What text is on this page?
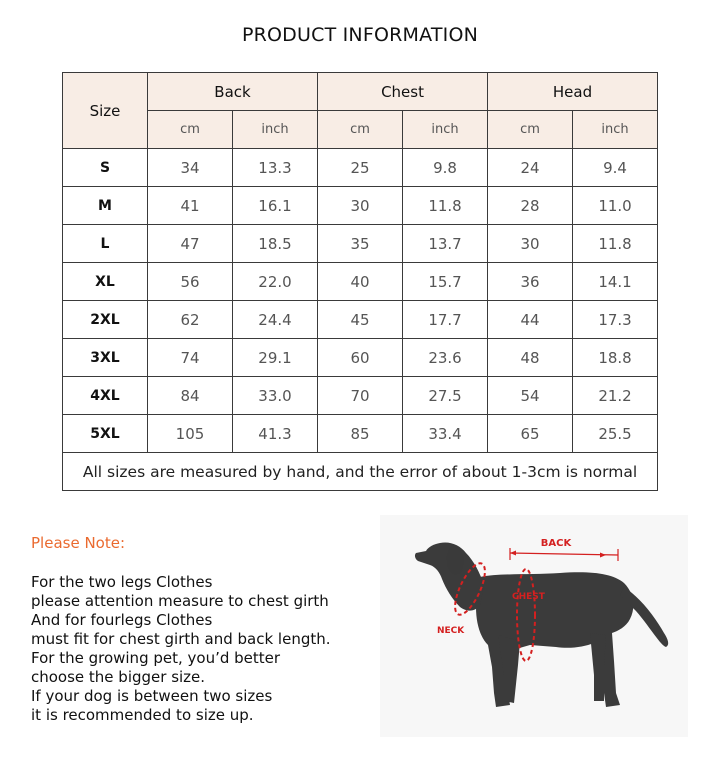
PRODUCT INFORMATION
Size	Back		Chest		Head	
	cm	inch	cm	inch	cm	inch
S	34	13.3	25	9.8	24	9.4
M	41	16.1	30	11.8	28	11.0
L	47	18.5	35	13.7	30	11.8
XL	56	22.0	40	15.7	36	14.1
2XL	62	24.4	45	17.7	44	17.3
3XL	74	29.1	60	23.6	48	18.8
4XL	84	33.0	70	27.5	54	21.2
5XL	105	41.3	85	33.4	65	25.5
All sizes are measured by hand, and the error of about 1-3cm is normal						
Please Note:
For the two legs Clothes
please attention measure to chest girth
And for fourlegs Clothes
must fit for chest girth and back length.
For the growing pet, you’d better
choose the bigger size.
If your dog is between two sizes
it is recommended to size up.
BACK
CHEST
NECK
